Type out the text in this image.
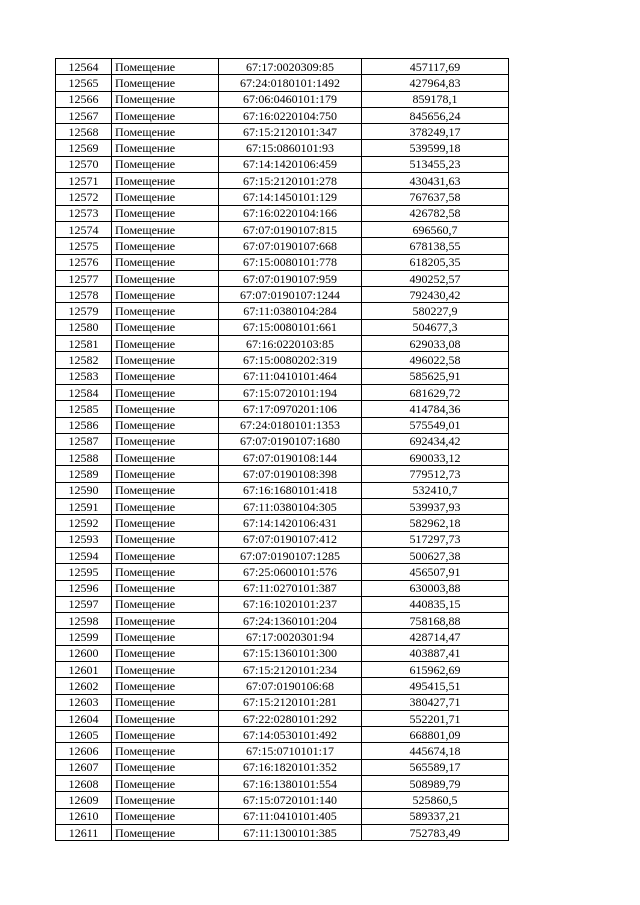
12564	Помещение	67:17:0020309:85	457117,69
12565	Помещение	67:24:0180101:1492	427964,83
12566	Помещение	67:06:0460101:179	859178,1
12567	Помещение	67:16:0220104:750	845656,24
12568	Помещение	67:15:2120101:347	378249,17
12569	Помещение	67:15:0860101:93	539599,18
12570	Помещение	67:14:1420106:459	513455,23
12571	Помещение	67:15:2120101:278	430431,63
12572	Помещение	67:14:1450101:129	767637,58
12573	Помещение	67:16:0220104:166	426782,58
12574	Помещение	67:07:0190107:815	696560,7
12575	Помещение	67:07:0190107:668	678138,55
12576	Помещение	67:15:0080101:778	618205,35
12577	Помещение	67:07:0190107:959	490252,57
12578	Помещение	67:07:0190107:1244	792430,42
12579	Помещение	67:11:0380104:284	580227,9
12580	Помещение	67:15:0080101:661	504677,3
12581	Помещение	67:16:0220103:85	629033,08
12582	Помещение	67:15:0080202:319	496022,58
12583	Помещение	67:11:0410101:464	585625,91
12584	Помещение	67:15:0720101:194	681629,72
12585	Помещение	67:17:0970201:106	414784,36
12586	Помещение	67:24:0180101:1353	575549,01
12587	Помещение	67:07:0190107:1680	692434,42
12588	Помещение	67:07:0190108:144	690033,12
12589	Помещение	67:07:0190108:398	779512,73
12590	Помещение	67:16:1680101:418	532410,7
12591	Помещение	67:11:0380104:305	539937,93
12592	Помещение	67:14:1420106:431	582962,18
12593	Помещение	67:07:0190107:412	517297,73
12594	Помещение	67:07:0190107:1285	500627,38
12595	Помещение	67:25:0600101:576	456507,91
12596	Помещение	67:11:0270101:387	630003,88
12597	Помещение	67:16:1020101:237	440835,15
12598	Помещение	67:24:1360101:204	758168,88
12599	Помещение	67:17:0020301:94	428714,47
12600	Помещение	67:15:1360101:300	403887,41
12601	Помещение	67:15:2120101:234	615962,69
12602	Помещение	67:07:0190106:68	495415,51
12603	Помещение	67:15:2120101:281	380427,71
12604	Помещение	67:22:0280101:292	552201,71
12605	Помещение	67:14:0530101:492	668801,09
12606	Помещение	67:15:0710101:17	445674,18
12607	Помещение	67:16:1820101:352	565589,17
12608	Помещение	67:16:1380101:554	508989,79
12609	Помещение	67:15:0720101:140	525860,5
12610	Помещение	67:11:0410101:405	589337,21
12611	Помещение	67:11:1300101:385	752783,49
